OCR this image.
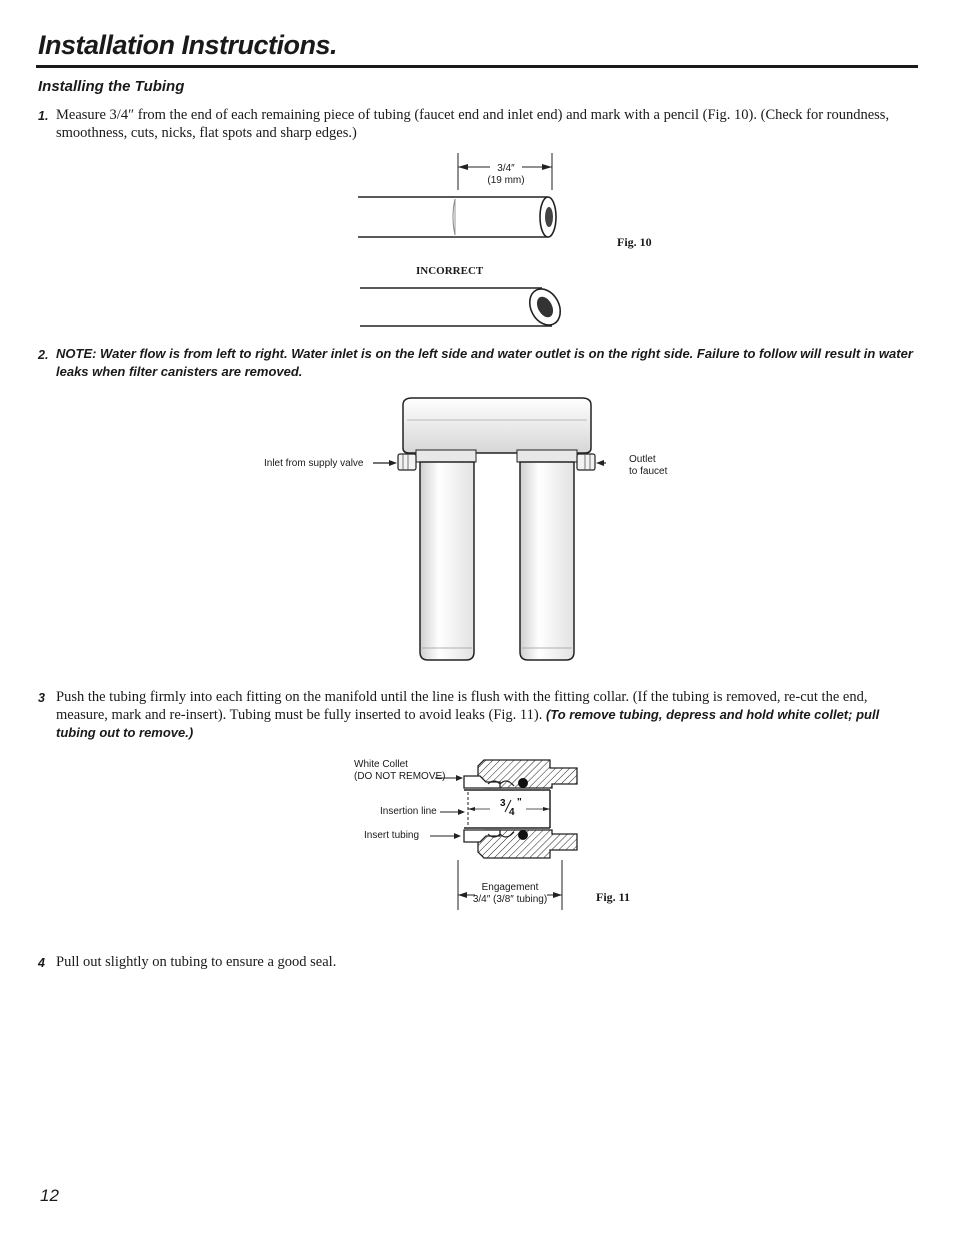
Installation Instructions.
Installing the Tubing
1. Measure 3/4″ from the end of each remaining piece of tubing (faucet end and inlet end) and mark with a pencil (Fig. 10). (Check for roundness, smoothness, cuts, nicks, flat spots and sharp edges.)
3/4″
(19 mm)
Fig. 10
INCORRECT
2. NOTE: Water flow is from left to right. Water inlet is on the left side and water outlet is on the right side. Failure to follow will result in water leaks when filter canisters are removed.
Inlet from supply valve	Outlet
to faucet
3 Push the tubing firmly into each fitting on the manifold until the line is flush with the fitting collar. (If the tubing is removed, re-cut the end, measure, mark and re-insert). Tubing must be fully inserted to avoid leaks (Fig. 11). (To remove tubing, depress and hold white collet; pull tubing out to remove.)
3
4
"
White Collet
(DO NOT REMOVE)
Insertion line
Insert tubing
Engagement
3/4″ (3/8″ tubing)	Fig. 11
4 Pull out slightly on tubing to ensure a good seal.
12
